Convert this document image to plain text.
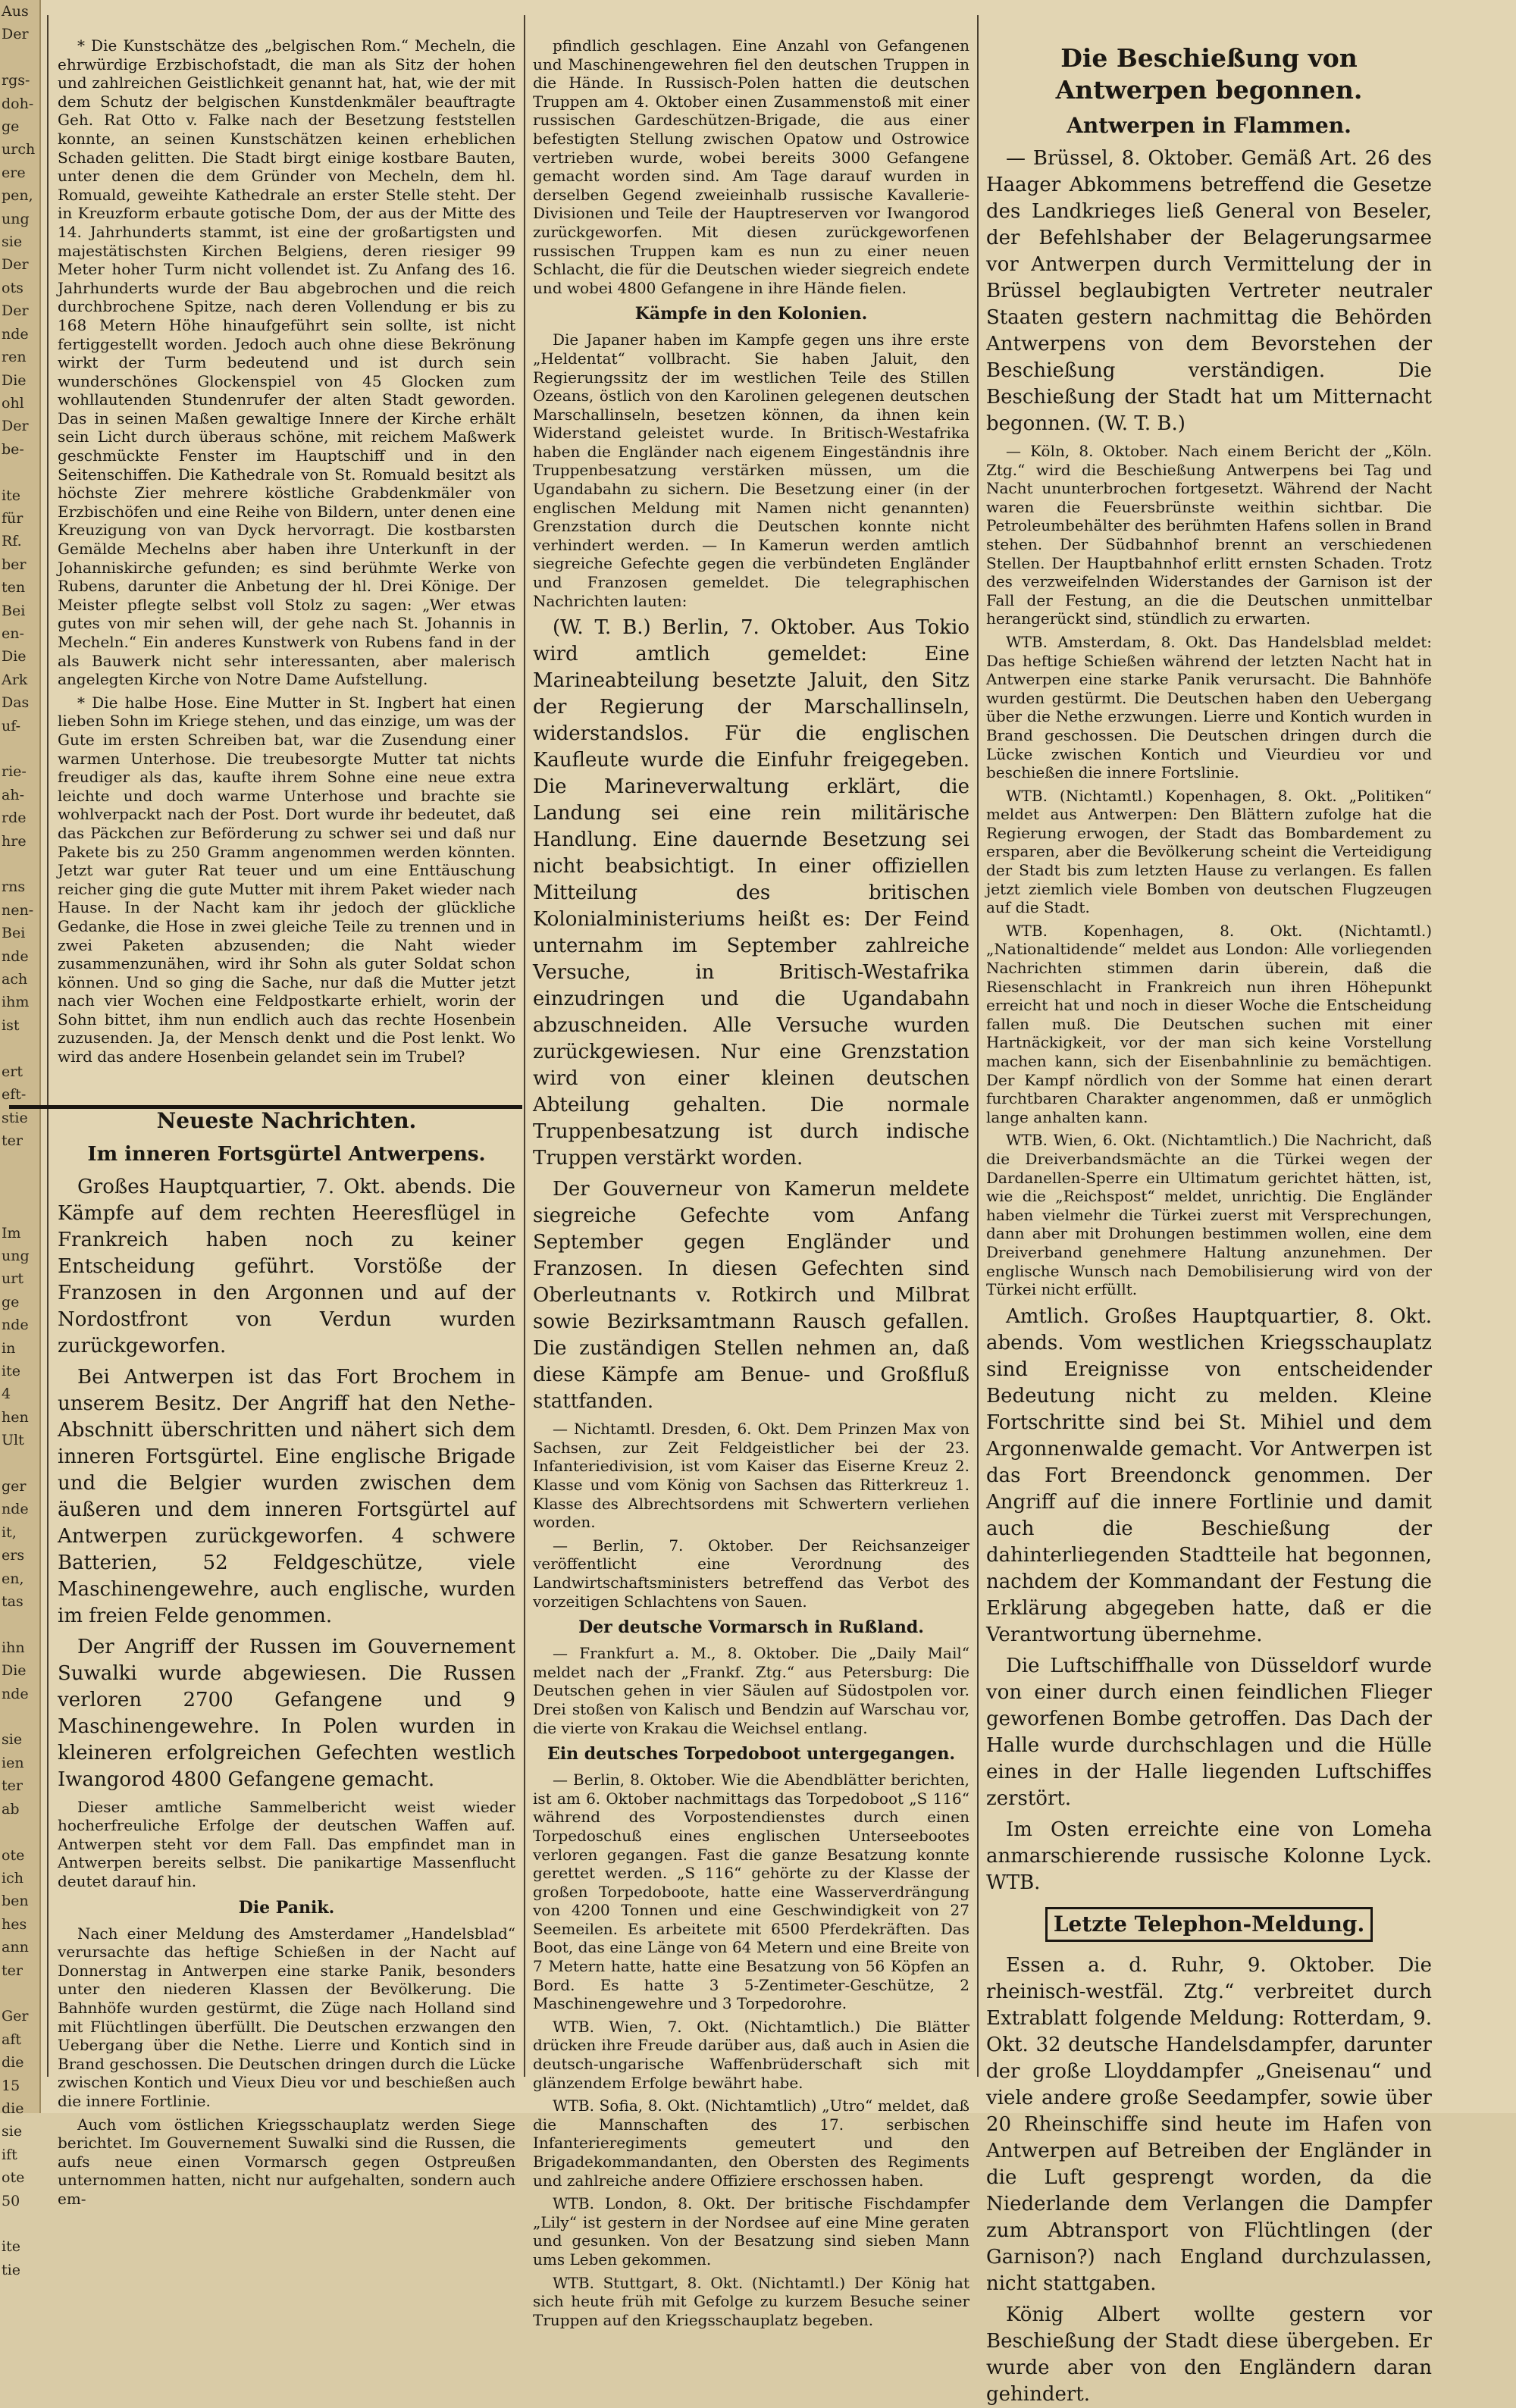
Aus
Der

rgs-
doh-
ge
urch
ere
pen,
ung
sie
Der
ots
Der
nde
ren
Die
ohl
Der
be-

ite
für
Rf.
ber
ten
Bei
en-
Die
Ark
Das
uf-

rie-
ah-
rde
hre

rns
nen-
Bei
nde
ach
ihm
ist

ert
eft-
stie
ter

Im
ung
urt
ge
nde
in
ite
4
hen
Ult

ger
nde
it,
ers
en,
tas

ihn
Die
nde

sie
ien
ter
ab

ote
ich
ben
hes
ann
ter

Ger
aft
die
15
die
sie
ift
ote
50

ite
tie

* Die Kunstschätze des „belgischen Rom.“ Mecheln, die ehrwürdige Erzbischofstadt, die man als Sitz der hohen und zahlreichen Geistlichkeit genannt hat, hat, wie der mit dem Schutz der belgischen Kunstdenkmäler beauftragte Geh. Rat Otto v. Falke nach der Besetzung feststellen konnte, an seinen Kunstschätzen keinen erheblichen Schaden gelitten. Die Stadt birgt einige kostbare Bauten, unter denen die dem Gründer von Mecheln, dem hl. Romuald, geweihte Kathedrale an erster Stelle steht. Der in Kreuzform erbaute gotische Dom, der aus der Mitte des 14. Jahrhunderts stammt, ist eine der großartigsten und majestätischsten Kirchen Belgiens, deren riesiger 99 Meter hoher Turm nicht vollendet ist. Zu Anfang des 16. Jahrhunderts wurde der Bau abgebrochen und die reich durchbrochene Spitze, nach deren Vollendung er bis zu 168 Metern Höhe hinaufgeführt sein sollte, ist nicht fertiggestellt worden. Jedoch auch ohne diese Bekrönung wirkt der Turm bedeutend und ist durch sein wunderschönes Glockenspiel von 45 Glocken zum wohllautenden Stundenrufer der alten Stadt geworden. Das in seinen Maßen gewaltige Innere der Kirche erhält sein Licht durch überaus schöne, mit reichem Maßwerk geschmückte Fenster im Hauptschiff und in den Seitenschiffen. Die Kathedrale von St. Romuald besitzt als höchste Zier mehrere köstliche Grabdenkmäler von Erzbischöfen und eine Reihe von Bildern, unter denen eine Kreuzigung von van Dyck hervorragt. Die kostbarsten Gemälde Mechelns aber haben ihre Unterkunft in der Johanniskirche gefunden; es sind berühmte Werke von Rubens, darunter die Anbetung der hl. Drei Könige. Der Meister pflegte selbst voll Stolz zu sagen: „Wer etwas gutes von mir sehen will, der gehe nach St. Johannis in Mecheln.“ Ein anderes Kunstwerk von Rubens fand in der als Bauwerk nicht sehr interessanten, aber malerisch angelegten Kirche von Notre Dame Aufstellung.

* Die halbe Hose. Eine Mutter in St. Ingbert hat einen lieben Sohn im Kriege stehen, und das einzige, um was der Gute im ersten Schreiben bat, war die Zusendung einer warmen Unterhose. Die treubesorgte Mutter tat nichts freudiger als das, kaufte ihrem Sohne eine neue extra leichte und doch warme Unterhose und brachte sie wohlverpackt nach der Post. Dort wurde ihr bedeutet, daß das Päckchen zur Beförderung zu schwer sei und daß nur Pakete bis zu 250 Gramm angenommen werden könnten. Jetzt war guter Rat teuer und um eine Enttäuschung reicher ging die gute Mutter mit ihrem Paket wieder nach Hause. In der Nacht kam ihr jedoch der glückliche Gedanke, die Hose in zwei gleiche Teile zu trennen und in zwei Paketen abzusenden; die Naht wieder zusammenzunähen, wird ihr Sohn als guter Soldat schon können. Und so ging die Sache, nur daß die Mutter jetzt nach vier Wochen eine Feldpostkarte erhielt, worin der Sohn bittet, ihm nun endlich auch das rechte Hosenbein zuzusenden. Ja, der Mensch denkt und die Post lenkt. Wo wird das andere Hosenbein gelandet sein im Trubel?

Neueste Nachrichten.
Im inneren Fortsgürtel Antwerpens.

Großes Hauptquartier, 7. Okt. abends. Die Kämpfe auf dem rechten Heeresflügel in Frankreich haben noch zu keiner Entscheidung geführt. Vorstöße der Franzosen in den Argonnen und auf der Nordostfront von Verdun wurden zurückgeworfen.

Bei Antwerpen ist das Fort Brochem in unserem Besitz. Der Angriff hat den Nethe-Abschnitt überschritten und nähert sich dem inneren Fortsgürtel. Eine englische Brigade und die Belgier wurden zwischen dem äußeren und dem inneren Fortsgürtel auf Antwerpen zurückgeworfen. 4 schwere Batterien, 52 Feldgeschütze, viele Maschinengewehre, auch englische, wurden im freien Felde genommen.

Der Angriff der Russen im Gouvernement Suwalki wurde abgewiesen. Die Russen verloren 2700 Gefangene und 9 Maschinengewehre. In Polen wurden in kleineren erfolgreichen Gefechten westlich Iwangorod 4800 Gefangene gemacht.

Dieser amtliche Sammelbericht weist wieder hocherfreuliche Erfolge der deutschen Waffen auf. Antwerpen steht vor dem Fall. Das empfindet man in Antwerpen bereits selbst. Die panikartige Massenflucht deutet darauf hin.

Die Panik.

Nach einer Meldung des Amsterdamer „Handelsblad“ verursachte das heftige Schießen in der Nacht auf Donnerstag in Antwerpen eine starke Panik, besonders unter den niederen Klassen der Bevölkerung. Die Bahnhöfe wurden gestürmt, die Züge nach Holland sind mit Flüchtlingen überfüllt. Die Deutschen erzwangen den Uebergang über die Nethe. Lierre und Kontich sind in Brand geschossen. Die Deutschen dringen durch die Lücke zwischen Kontich und Vieux Dieu vor und beschießen auch die innere Fortlinie.

Auch vom östlichen Kriegsschauplatz werden Siege berichtet. Im Gouvernement Suwalki sind die Russen, die aufs neue einen Vormarsch gegen Ostpreußen unternommen hatten, nicht nur aufgehalten, sondern auch em-

pfindlich geschlagen. Eine Anzahl von Gefangenen und Maschinengewehren fiel den deutschen Truppen in die Hände. In Russisch-Polen hatten die deutschen Truppen am 4. Oktober einen Zusammenstoß mit einer russischen Gardeschützen-Brigade, die aus einer befestigten Stellung zwischen Opatow und Ostrowice vertrieben wurde, wobei bereits 3000 Gefangene gemacht worden sind. Am Tage darauf wurden in derselben Gegend zweieinhalb russische Kavallerie-Divisionen und Teile der Hauptreserven vor Iwangorod zurückgeworfen. Mit diesen zurückgeworfenen russischen Truppen kam es nun zu einer neuen Schlacht, die für die Deutschen wieder siegreich endete und wobei 4800 Gefangene in ihre Hände fielen.

Kämpfe in den Kolonien.

Die Japaner haben im Kampfe gegen uns ihre erste „Heldentat“ vollbracht. Sie haben Jaluit, den Regierungssitz der im westlichen Teile des Stillen Ozeans, östlich von den Karolinen gelegenen deutschen Marschallinseln, besetzen können, da ihnen kein Widerstand geleistet wurde. In Britisch-Westafrika haben die Engländer nach eigenem Eingeständnis ihre Truppenbesatzung verstärken müssen, um die Ugandabahn zu sichern. Die Besetzung einer (in der englischen Meldung mit Namen nicht genannten) Grenzstation durch die Deutschen konnte nicht verhindert werden. — In Kamerun werden amtlich siegreiche Gefechte gegen die verbündeten Engländer und Franzosen gemeldet. Die telegraphischen Nachrichten lauten:

(W. T. B.) Berlin, 7. Oktober. Aus Tokio wird amtlich gemeldet: Eine Marineabteilung besetzte Jaluit, den Sitz der Regierung der Marschallinseln, widerstandslos. Für die englischen Kaufleute wurde die Einfuhr freigegeben. Die Marineverwaltung erklärt, die Landung sei eine rein militärische Handlung. Eine dauernde Besetzung sei nicht beabsichtigt. In einer offiziellen Mitteilung des britischen Kolonialministeriums heißt es: Der Feind unternahm im September zahlreiche Versuche, in Britisch-Westafrika einzudringen und die Ugandabahn abzuschneiden. Alle Versuche wurden zurückgewiesen. Nur eine Grenzstation wird von einer kleinen deutschen Abteilung gehalten. Die normale Truppenbesatzung ist durch indische Truppen verstärkt worden.

Der Gouverneur von Kamerun meldete siegreiche Gefechte vom Anfang September gegen Engländer und Franzosen. In diesen Gefechten sind Oberleutnants v. Rotkirch und Milbrat sowie Bezirksamtmann Rausch gefallen. Die zuständigen Stellen nehmen an, daß diese Kämpfe am Benue- und Großfluß stattfanden.

— Nichtamtl. Dresden, 6. Okt. Dem Prinzen Max von Sachsen, zur Zeit Feldgeistlicher bei der 23. Infanteriedivision, ist vom Kaiser das Eiserne Kreuz 2. Klasse und vom König von Sachsen das Ritterkreuz 1. Klasse des Albrechtsordens mit Schwertern verliehen worden.

— Berlin, 7. Oktober. Der Reichsanzeiger veröffentlicht eine Verordnung des Landwirtschaftsministers betreffend das Verbot des vorzeitigen Schlachtens von Sauen.

Der deutsche Vormarsch in Rußland.

— Frankfurt a. M., 8. Oktober. Die „Daily Mail“ meldet nach der „Frankf. Ztg.“ aus Petersburg: Die Deutschen gehen in vier Säulen auf Südostpolen vor. Drei stoßen von Kalisch und Bendzin auf Warschau vor, die vierte von Krakau die Weichsel entlang.

Ein deutsches Torpedoboot untergegangen.

— Berlin, 8. Oktober. Wie die Abendblätter berichten, ist am 6. Oktober nachmittags das Torpedoboot „S 116“ während des Vorpostendienstes durch einen Torpedoschuß eines englischen Unterseebootes verloren gegangen. Fast die ganze Besatzung konnte gerettet werden. „S 116“ gehörte zu der Klasse der großen Torpedoboote, hatte eine Wasserverdrängung von 4200 Tonnen und eine Geschwindigkeit von 27 Seemeilen. Es arbeitete mit 6500 Pferdekräften. Das Boot, das eine Länge von 64 Metern und eine Breite von 7 Metern hatte, hatte eine Besatzung von 56 Köpfen an Bord. Es hatte 3 5-Zentimeter-Geschütze, 2 Maschinengewehre und 3 Torpedorohre.

WTB. Wien, 7. Okt. (Nichtamtlich.) Die Blätter drücken ihre Freude darüber aus, daß auch in Asien die deutsch-ungarische Waffenbrüderschaft sich mit glänzendem Erfolge bewährt habe.

WTB. Sofia, 8. Okt. (Nichtamtlich) „Utro“ meldet, daß die Mannschaften des 17. serbischen Infanterieregiments gemeutert und den Brigadekommandanten, den Obersten des Regiments und zahlreiche andere Offiziere erschossen haben.

WTB. London, 8. Okt. Der britische Fischdampfer „Lily“ ist gestern in der Nordsee auf eine Mine geraten und gesunken. Von der Besatzung sind sieben Mann ums Leben gekommen.

WTB. Stuttgart, 8. Okt. (Nichtamtl.) Der König hat sich heute früh mit Gefolge zu kurzem Besuche seiner Truppen auf den Kriegsschauplatz begeben.

Die Beschießung von Antwerpen begonnen.
Antwerpen in Flammen.

— Brüssel, 8. Oktober. Gemäß Art. 26 des Haager Abkommens betreffend die Gesetze des Landkrieges ließ General von Beseler, der Befehlshaber der Belagerungsarmee vor Antwerpen durch Vermittelung der in Brüssel beglaubigten Vertreter neutraler Staaten gestern nachmittag die Behörden Antwerpens von dem Bevorstehen der Beschießung verständigen. Die Beschießung der Stadt hat um Mitternacht begonnen. (W. T. B.)

— Köln, 8. Oktober. Nach einem Bericht der „Köln. Ztg.“ wird die Beschießung Antwerpens bei Tag und Nacht ununterbrochen fortgesetzt. Während der Nacht waren die Feuersbrünste weithin sichtbar. Die Petroleumbehälter des berühmten Hafens sollen in Brand stehen. Der Südbahnhof brennt an verschiedenen Stellen. Der Hauptbahnhof erlitt ernsten Schaden. Trotz des verzweifelnden Widerstandes der Garnison ist der Fall der Festung, an die die Deutschen unmittelbar herangerückt sind, stündlich zu erwarten.

WTB. Amsterdam, 8. Okt. Das Handelsblad meldet: Das heftige Schießen während der letzten Nacht hat in Antwerpen eine starke Panik verursacht. Die Bahnhöfe wurden gestürmt. Die Deutschen haben den Uebergang über die Nethe erzwungen. Lierre und Kontich wurden in Brand geschossen. Die Deutschen dringen durch die Lücke zwischen Kontich und Vieurdieu vor und beschießen die innere Fortslinie.

WTB. (Nichtamtl.) Kopenhagen, 8. Okt. „Politiken“ meldet aus Antwerpen: Den Blättern zufolge hat die Regierung erwogen, der Stadt das Bombardement zu ersparen, aber die Bevölkerung scheint die Verteidigung der Stadt bis zum letzten Hause zu verlangen. Es fallen jetzt ziemlich viele Bomben von deutschen Flugzeugen auf die Stadt.

WTB. Kopenhagen, 8. Okt. (Nichtamtl.) „Nationaltidende“ meldet aus London: Alle vorliegenden Nachrichten stimmen darin überein, daß die Riesenschlacht in Frankreich nun ihren Höhepunkt erreicht hat und noch in dieser Woche die Entscheidung fallen muß. Die Deutschen suchen mit einer Hartnäckigkeit, vor der man sich keine Vorstellung machen kann, sich der Eisenbahnlinie zu bemächtigen. Der Kampf nördlich von der Somme hat einen derart furchtbaren Charakter angenommen, daß er unmöglich lange anhalten kann.

WTB. Wien, 6. Okt. (Nichtamtlich.) Die Nachricht, daß die Dreiverbandsmächte an die Türkei wegen der Dardanellen-Sperre ein Ultimatum gerichtet hätten, ist, wie die „Reichspost“ meldet, unrichtig. Die Engländer haben vielmehr die Türkei zuerst mit Versprechungen, dann aber mit Drohungen bestimmen wollen, eine dem Dreiverband genehmere Haltung anzunehmen. Der englische Wunsch nach Demobilisierung wird von der Türkei nicht erfüllt.

Amtlich. Großes Hauptquartier, 8. Okt. abends. Vom westlichen Kriegsschauplatz sind Ereignisse von entscheidender Bedeutung nicht zu melden. Kleine Fortschritte sind bei St. Mihiel und dem Argonnenwalde gemacht. Vor Antwerpen ist das Fort Breendonck genommen. Der Angriff auf die innere Fortlinie und damit auch die Beschießung der dahinterliegenden Stadtteile hat begonnen, nachdem der Kommandant der Festung die Erklärung abgegeben hatte, daß er die Verantwortung übernehme.

Die Luftschiffhalle von Düsseldorf wurde von einer durch einen feindlichen Flieger geworfenen Bombe getroffen. Das Dach der Halle wurde durchschlagen und die Hülle eines in der Halle liegenden Luftschiffes zerstört.

Im Osten erreichte eine von Lomeha anmarschierende russische Kolonne Lyck. WTB.

Letzte Telephon-Meldung.

Essen a. d. Ruhr, 9. Oktober. Die rheinisch-westfäl. Ztg.“ verbreitet durch Extrablatt folgende Meldung: Rotterdam, 9. Okt. 32 deutsche Handelsdampfer, darunter der große Lloyddampfer „Gneisenau“ und viele andere große Seedampfer, sowie über 20 Rheinschiffe sind heute im Hafen von Antwerpen auf Betreiben der Engländer in die Luft gesprengt worden, da die Niederlande dem Verlangen die Dampfer zum Abtransport von Flüchtlingen (der Garnison?) nach England durchzulassen, nicht stattgaben.

König Albert wollte gestern vor Beschießung der Stadt diese übergeben. Er wurde aber von den Engländern daran gehindert.
